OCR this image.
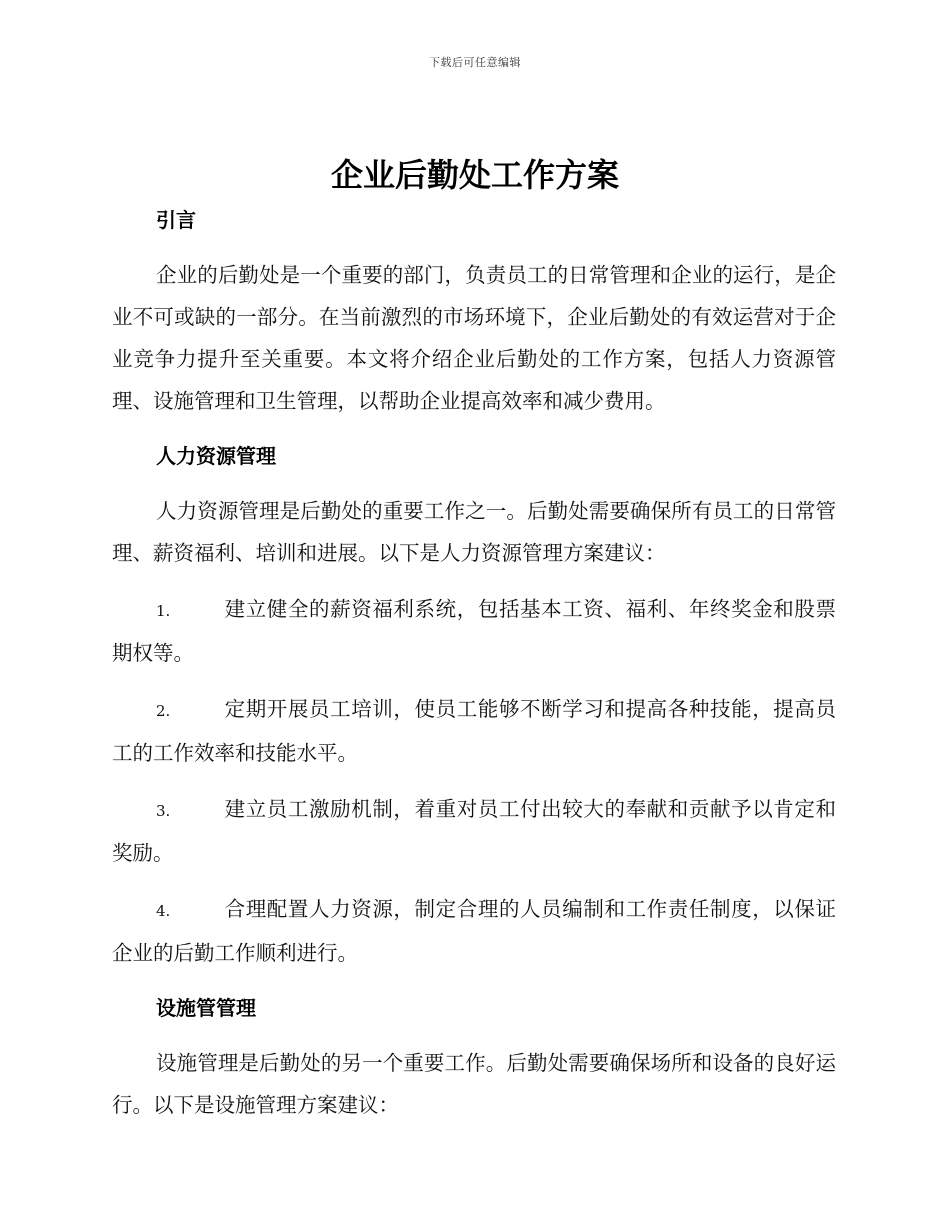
下载后可任意编辑
企业后勤处工作方案
引言

企业的后勤处是一个重要的部门，负责员工的日常管理和企业的运行，是企业不可或缺的一部分。在当前激烈的市场环境下，企业后勤处的有效运营对于企业竞争力提升至关重要。本文将介绍企业后勤处的工作方案，包括人力资源管理、设施管理和卫生管理，以帮助企业提高效率和减少费用。

人力资源管理

人力资源管理是后勤处的重要工作之一。后勤处需要确保所有员工的日常管理、薪资福利、培训和进展。以下是人力资源管理方案建议：

1.	建立健全的薪资福利系统，包括基本工资、福利、年终奖金和股票期权等。

2.	定期开展员工培训，使员工能够不断学习和提高各种技能，提高员工的工作效率和技能水平。

3.	建立员工激励机制，着重对员工付出较大的奉献和贡献予以肯定和奖励。

4.	合理配置人力资源，制定合理的人员编制和工作责任制度，以保证企业的后勤工作顺利进行。

设施管管理

设施管理是后勤处的另一个重要工作。后勤处需要确保场所和设备的良好运行。以下是设施管理方案建议：
